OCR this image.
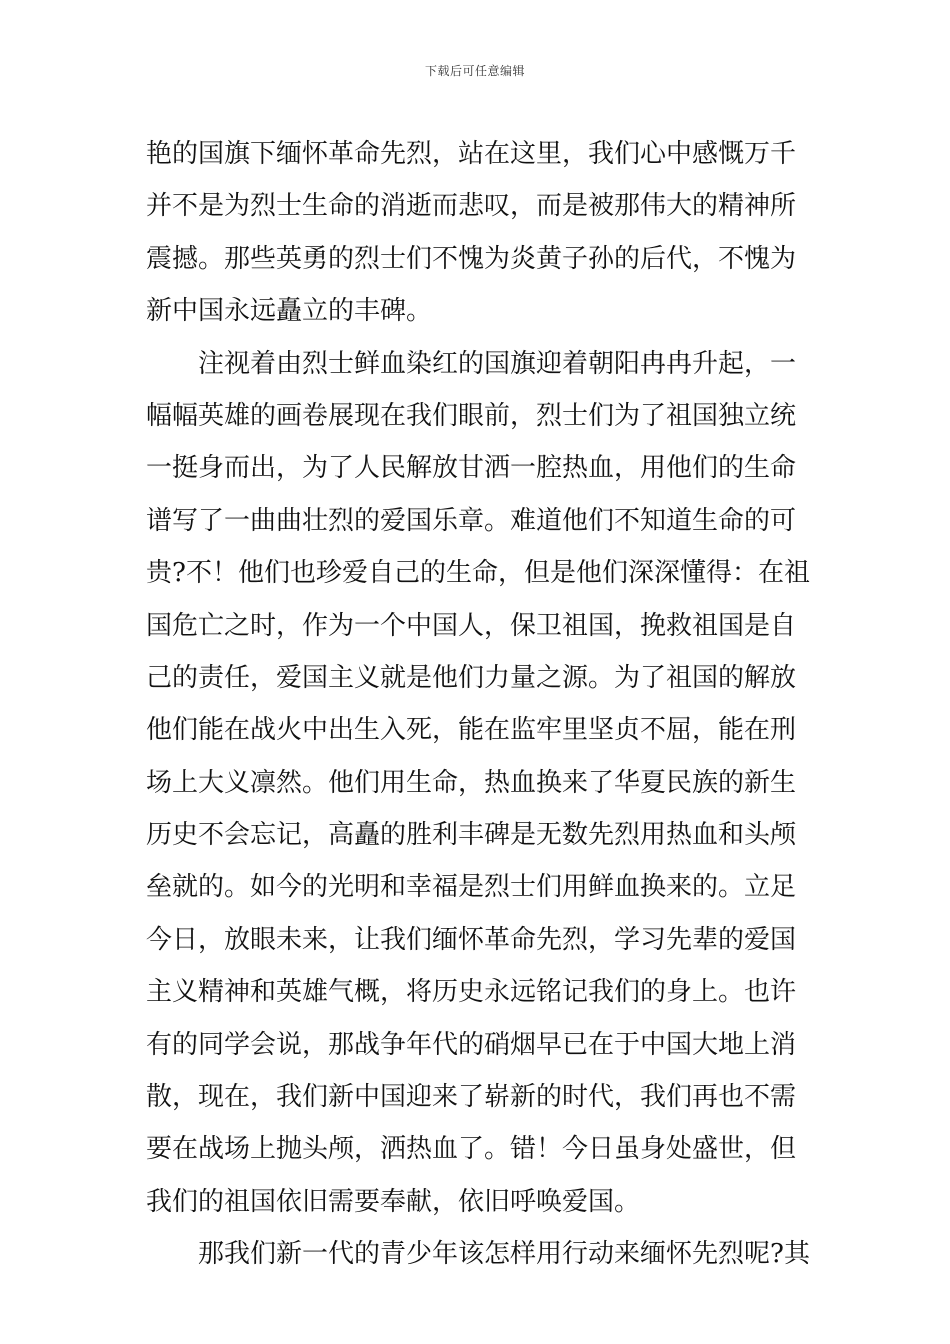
下载后可任意编辑
艳的国旗下缅怀革命先烈，站在这里，我们心中感慨万千
并不是为烈士生命的消逝而悲叹，而是被那伟大的精神所
震撼。那些英勇的烈士们不愧为炎黄子孙的后代，不愧为
新中国永远矗立的丰碑。
注视着由烈士鲜血染红的国旗迎着朝阳冉冉升起，一
幅幅英雄的画卷展现在我们眼前，烈士们为了祖国独立统
一挺身而出，为了人民解放甘洒一腔热血，用他们的生命
谱写了一曲曲壮烈的爱国乐章。难道他们不知道生命的可
贵?不！他们也珍爱自己的生命，但是他们深深懂得：在祖
国危亡之时，作为一个中国人，保卫祖国，挽救祖国是自
己的责任，爱国主义就是他们力量之源。为了祖国的解放
他们能在战火中出生入死，能在监牢里坚贞不屈，能在刑
场上大义凛然。他们用生命，热血换来了华夏民族的新生
历史不会忘记，高矗的胜利丰碑是无数先烈用热血和头颅
垒就的。如今的光明和幸福是烈士们用鲜血换来的。立足
今日，放眼未来，让我们缅怀革命先烈，学习先辈的爱国
主义精神和英雄气概，将历史永远铭记我们的身上。也许
有的同学会说，那战争年代的硝烟早已在于中国大地上消
散，现在，我们新中国迎来了崭新的时代，我们再也不需
要在战场上抛头颅，洒热血了。错！今日虽身处盛世，但
我们的祖国依旧需要奉献，依旧呼唤爱国。
那我们新一代的青少年该怎样用行动来缅怀先烈呢?其
